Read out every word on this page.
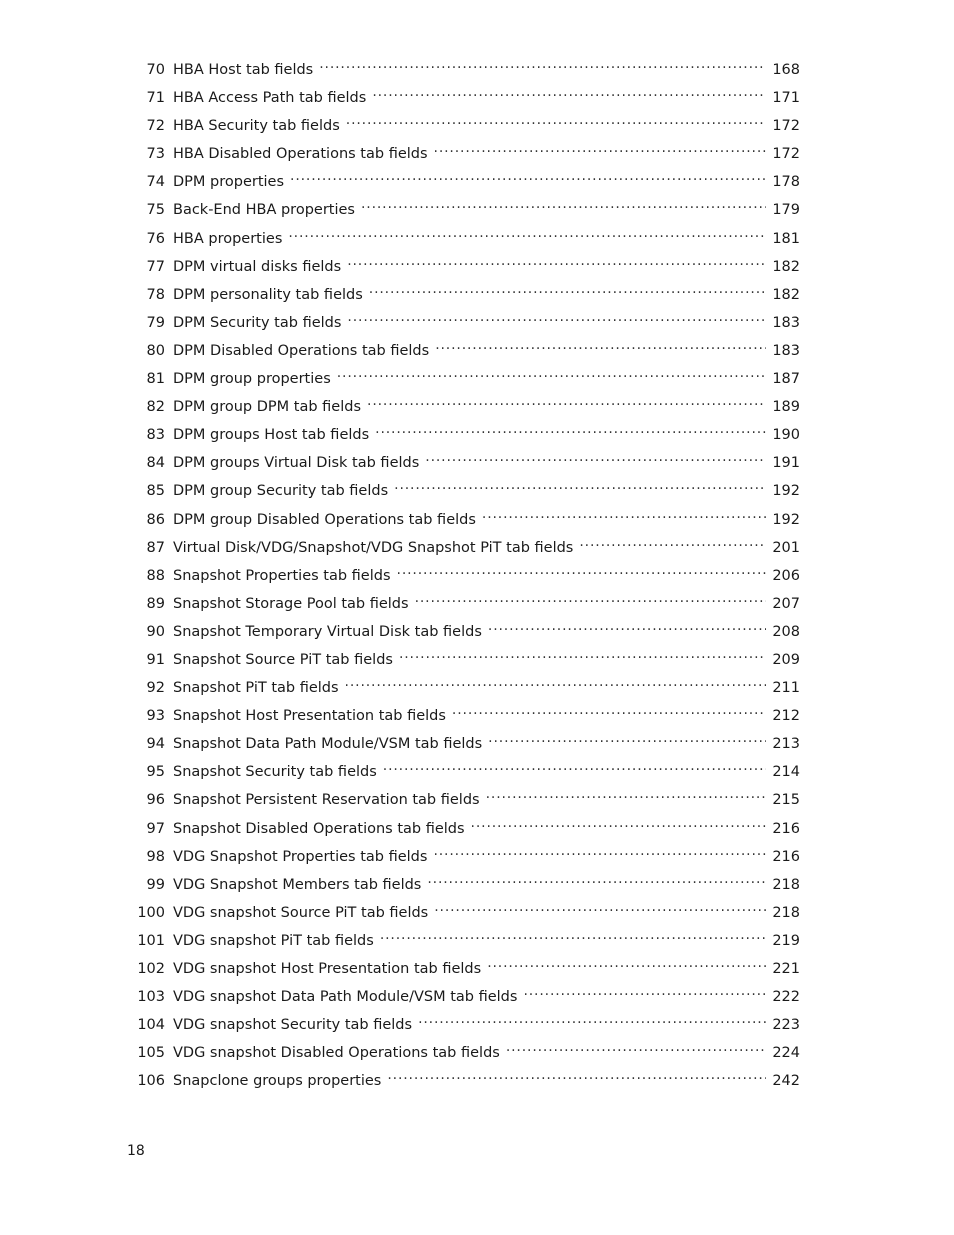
70 HBA Host tab fields . . .	168
71 HBA Access Path tab fields . . .	171
72 HBA Security tab fields . . .	172
73 HBA Disabled Operations tab fields . . .	172
74 DPM properties . . .	178
75 Back-End HBA properties . . .	179
76 HBA properties . . .	181
77 DPM virtual disks fields . . .	182
78 DPM personality tab fields . . .	182
79 DPM Security tab fields . . .	183
80 DPM Disabled Operations tab fields . . .	183
81 DPM group properties . . .	187
82 DPM group DPM tab fields . . .	189
83 DPM groups Host tab fields . . .	190
84 DPM groups Virtual Disk tab fields . . .	191
85 DPM group Security tab fields . . .	192
86 DPM group Disabled Operations tab fields . . .	192
87 Virtual Disk/VDG/Snapshot/VDG Snapshot PiT tab fields . . .	201
88 Snapshot Properties tab fields . . .	206
89 Snapshot Storage Pool tab fields . . .	207
90 Snapshot Temporary Virtual Disk tab fields . . .	208
91 Snapshot Source PiT tab fields . . .	209
92 Snapshot PiT tab fields . . .	211
93 Snapshot Host Presentation tab fields . . .	212
94 Snapshot Data Path Module/VSM tab fields . . .	213
95 Snapshot Security tab fields . . .	214
96 Snapshot Persistent Reservation tab fields . . .	215
97 Snapshot Disabled Operations tab fields . . .	216
98 VDG Snapshot Properties tab fields . . .	216
99 VDG Snapshot Members tab fields . . .	218
100 VDG snapshot Source PiT tab fields . . .	218
101 VDG snapshot PiT tab fields . . .	219
102 VDG snapshot Host Presentation tab fields . . .	221
103 VDG snapshot Data Path Module/VSM tab fields . . .	222
104 VDG snapshot Security tab fields . . .	223
105 VDG snapshot Disabled Operations tab fields . . .	224
106 Snapclone groups properties . . .	242
18
